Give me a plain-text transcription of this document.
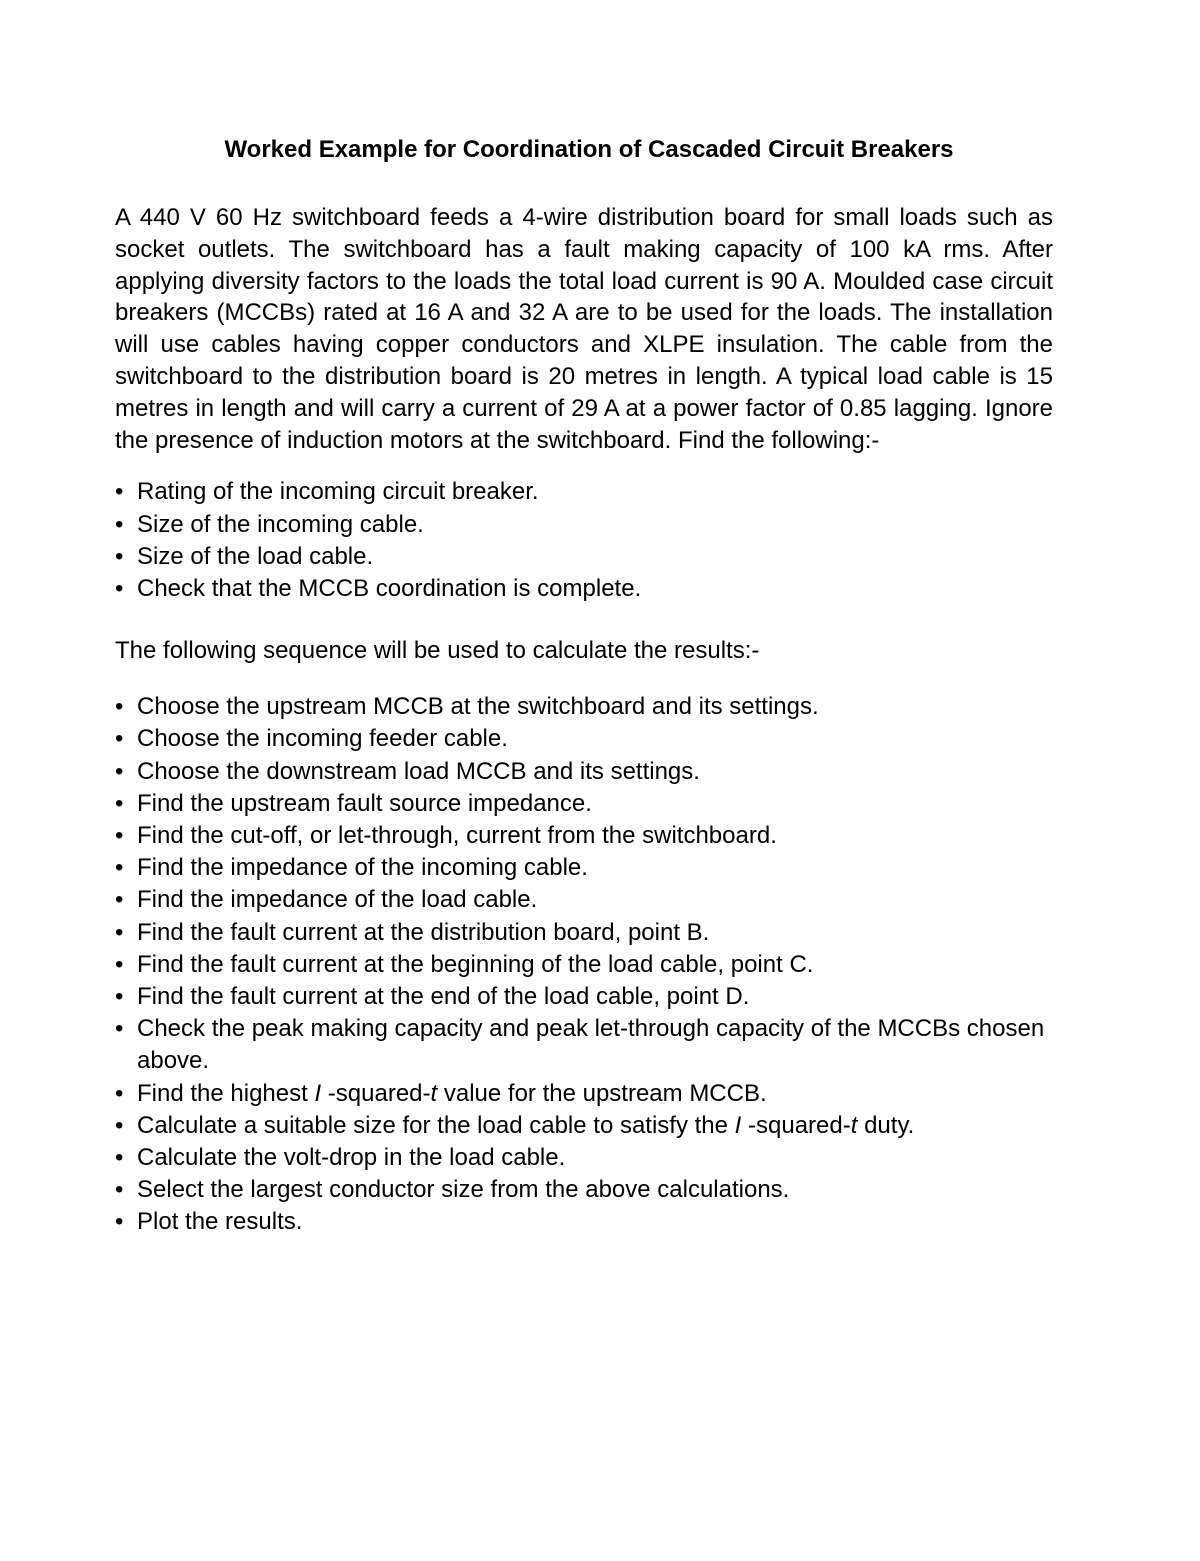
Worked Example for Coordination of Cascaded Circuit Breakers

A 440 V 60 Hz switchboard feeds a 4-wire distribution board for small loads such as socket outlets. The switchboard has a fault making capacity of 100 kA rms. After applying diversity factors to the loads the total load current is 90 A. Moulded case circuit breakers (MCCBs) rated at 16 A and 32 A are to be used for the loads. The installation will use cables having copper conductors and XLPE insulation. The cable from the switchboard to the distribution board is 20 metres in length. A typical load cable is 15 metres in length and will carry a current of 29 A at a power factor of 0.85 lagging. Ignore the presence of induction motors at the switchboard. Find the following:-

• Rating of the incoming circuit breaker.
• Size of the incoming cable.
• Size of the load cable.
• Check that the MCCB coordination is complete.

The following sequence will be used to calculate the results:-

• Choose the upstream MCCB at the switchboard and its settings.
• Choose the incoming feeder cable.
• Choose the downstream load MCCB and its settings.
• Find the upstream fault source impedance.
• Find the cut-off, or let-through, current from the switchboard.
• Find the impedance of the incoming cable.
• Find the impedance of the load cable.
• Find the fault current at the distribution board, point B.
• Find the fault current at the beginning of the load cable, point C.
• Find the fault current at the end of the load cable, point D.
• Check the peak making capacity and peak let-through capacity of the MCCBs chosen above.
• Find the highest I -squared-t value for the upstream MCCB.
• Calculate a suitable size for the load cable to satisfy the I -squared-t duty.
• Calculate the volt-drop in the load cable.
• Select the largest conductor size from the above calculations.
• Plot the results.
